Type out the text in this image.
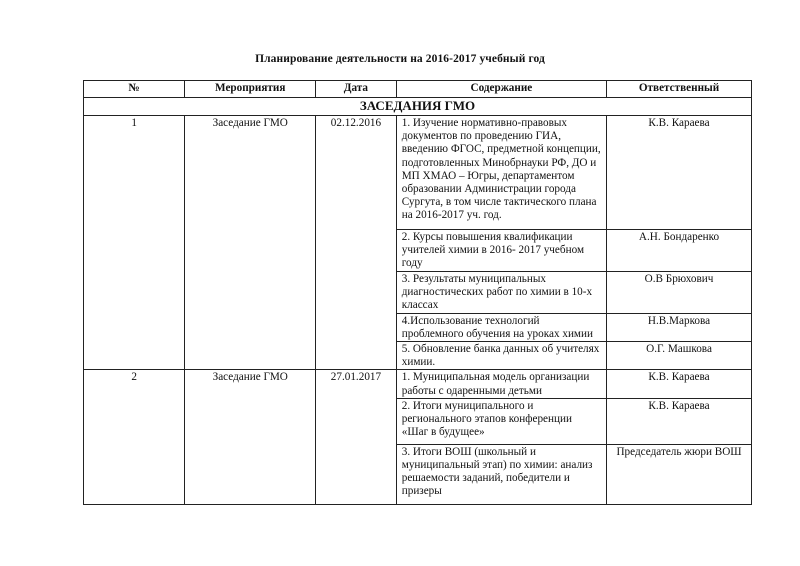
Планирование деятельности на 2016-2017 учебный год
№	Мероприятия	Дата	Содержание	Ответственный
ЗАСЕДАНИЯ ГМО				
1	Заседание ГМО	02.12.2016	1. Изучение нормативно-правовых документов по проведению ГИА, введению ФГОС, предметной концепции, подготовленных Минобрнауки РФ, ДО и МП ХМАО – Югры, департаментом образовании Администрации города Сургута, в том числе тактического плана на 2016-2017 уч. год.	К.В. Караева
			2. Курсы повышения квалификации учителей химии в 2016- 2017 учебном году	А.Н. Бондаренко
			3. Результаты муниципальных диагностических работ по химии в 10-х классах	О.В Брюхович
			4.Использование технологий проблемного обучения на уроках химии	Н.В.Маркова
			5. Обновление банка данных об учителях химии.	О.Г. Машкова
2	Заседание ГМО	27.01.2017	1. Муниципальная модель организации работы с одаренными детьми	К.В. Караева
			2. Итоги муниципального и регионального этапов конференции «Шаг в будущее»	К.В. Караева
			3. Итоги ВОШ (школьный и муниципальный этап) по химии: анализ решаемости заданий, победители и призеры	Председатель жюри ВОШ
